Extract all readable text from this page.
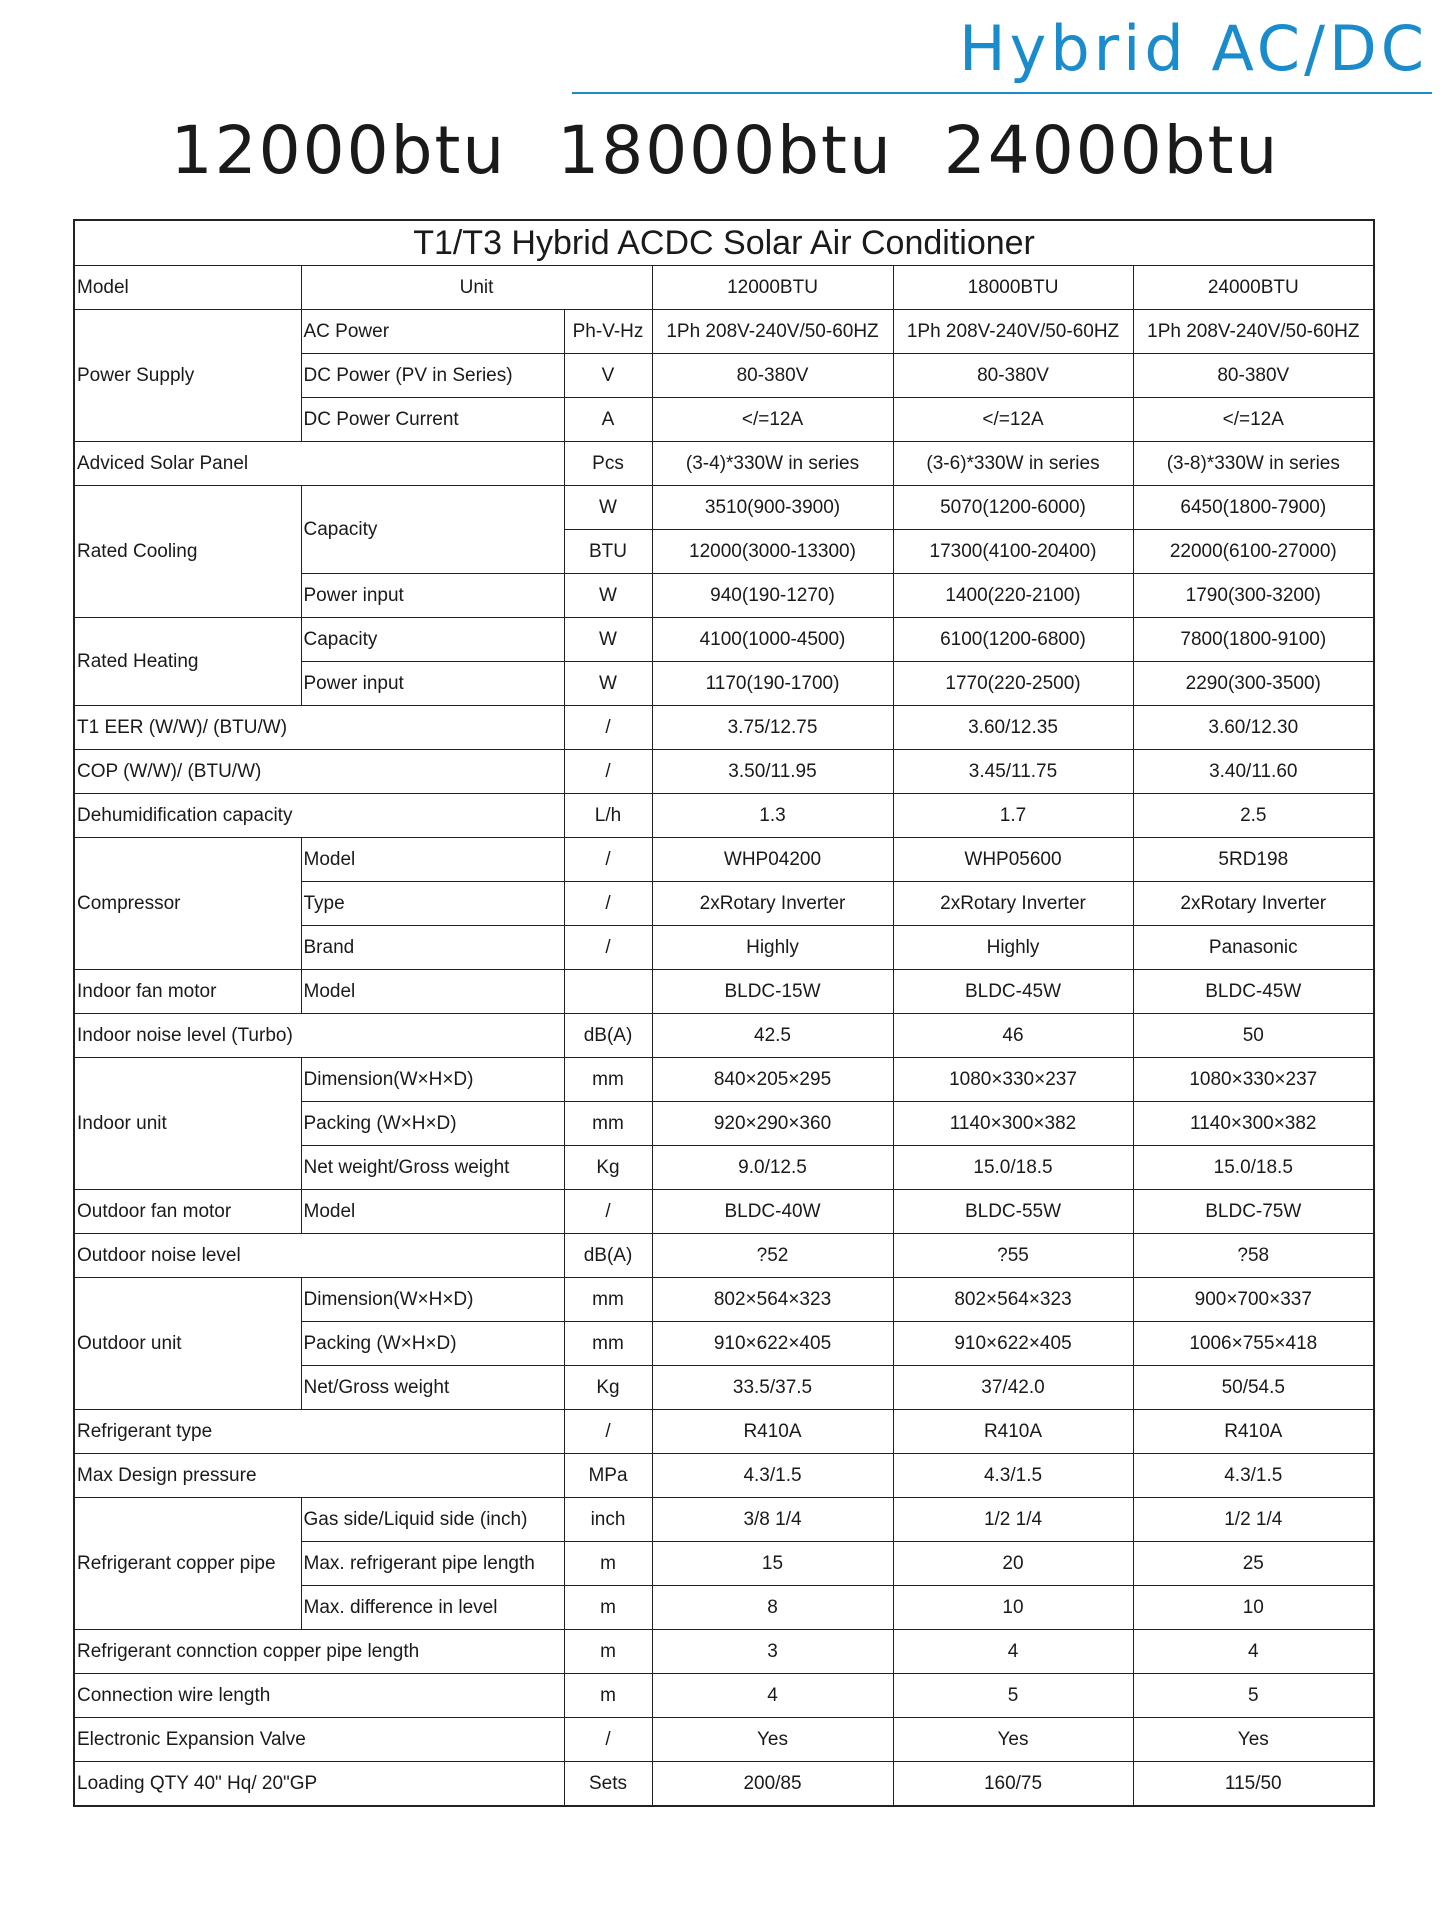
Hybrid AC/DC
12000btu 18000btu 24000btu
T1/T3 Hybrid ACDC Solar Air Conditioner					
Model	Unit		12000BTU	18000BTU	24000BTU
Power Supply	AC Power	Ph-V-Hz	1Ph 208V-240V/50-60HZ	1Ph 208V-240V/50-60HZ	1Ph 208V-240V/50-60HZ
	DC Power (PV in Series)	V	80-380V	80-380V	80-380V
	DC Power Current	A	</=12A	</=12A	</=12A
Adviced Solar Panel		Pcs	(3-4)*330W in series	(3-6)*330W in series	(3-8)*330W in series
Rated Cooling	Capacity	W	3510(900-3900)	5070(1200-6000)	6450(1800-7900)
		BTU	12000(3000-13300)	17300(4100-20400)	22000(6100-27000)
	Power input	W	940(190-1270)	1400(220-2100)	1790(300-3200)
Rated Heating	Capacity	W	4100(1000-4500)	6100(1200-6800)	7800(1800-9100)
	Power input	W	1170(190-1700)	1770(220-2500)	2290(300-3500)
T1 EER (W/W)/ (BTU/W)		/	3.75/12.75	3.60/12.35	3.60/12.30
COP (W/W)/ (BTU/W)		/	3.50/11.95	3.45/11.75	3.40/11.60
Dehumidification capacity		L/h	1.3	1.7	2.5
Compressor	Model	/	WHP04200	WHP05600	5RD198
	Type	/	2xRotary Inverter	2xRotary Inverter	2xRotary Inverter
	Brand	/	Highly	Highly	Panasonic
Indoor fan motor	Model		BLDC-15W	BLDC-45W	BLDC-45W
Indoor noise level (Turbo)		dB(A)	42.5	46	50
Indoor unit	Dimension(W×H×D)	mm	840×205×295	1080×330×237	1080×330×237
	Packing (W×H×D)	mm	920×290×360	1140×300×382	1140×300×382
	Net weight/Gross weight	Kg	9.0/12.5	15.0/18.5	15.0/18.5
Outdoor fan motor	Model	/	BLDC-40W	BLDC-55W	BLDC-75W
Outdoor noise level		dB(A)	?52	?55	?58
Outdoor unit	Dimension(W×H×D)	mm	802×564×323	802×564×323	900×700×337
	Packing (W×H×D)	mm	910×622×405	910×622×405	1006×755×418
	Net/Gross weight	Kg	33.5/37.5	37/42.0	50/54.5
Refrigerant type		/	R410A	R410A	R410A
Max Design pressure		MPa	4.3/1.5	4.3/1.5	4.3/1.5
Refrigerant copper pipe	Gas side/Liquid side (inch)	inch	3/8 1/4	1/2 1/4	1/2 1/4
	Max. refrigerant pipe length	m	15	20	25
	Max. difference in level	m	8	10	10
Refrigerant connction copper pipe length		m	3	4	4
Connection wire length		m	4	5	5
Electronic Expansion Valve		/	Yes	Yes	Yes
Loading QTY 40" Hq/ 20"GP		Sets	200/85	160/75	115/50
